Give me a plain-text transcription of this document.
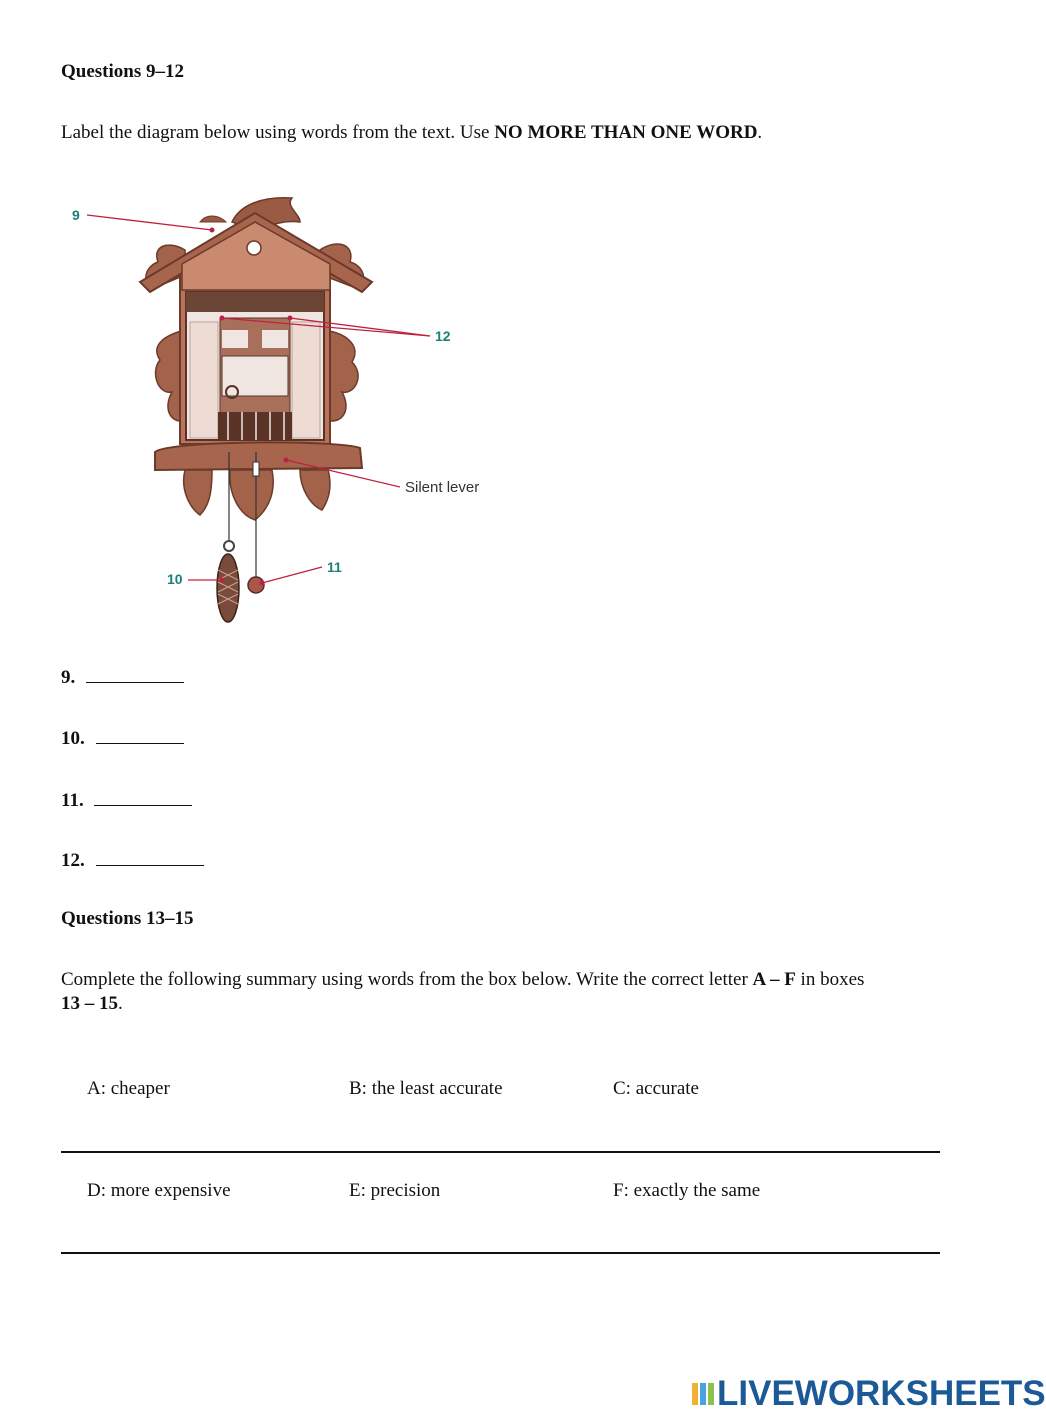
Questions 9–12
Label the diagram below using words from the text. Use NO MORE THAN ONE WORD.
9
10
11
12
Silent lever
9.
10.
11.
12.
Questions 13–15
Complete the following summary using words from the box below. Write the correct letter A – F in boxes 13 – 15.
A: cheaper	B: the least accurate	C: accurate
D: more expensive	E: precision	F: exactly the same
LIVEWORKSHEETS
